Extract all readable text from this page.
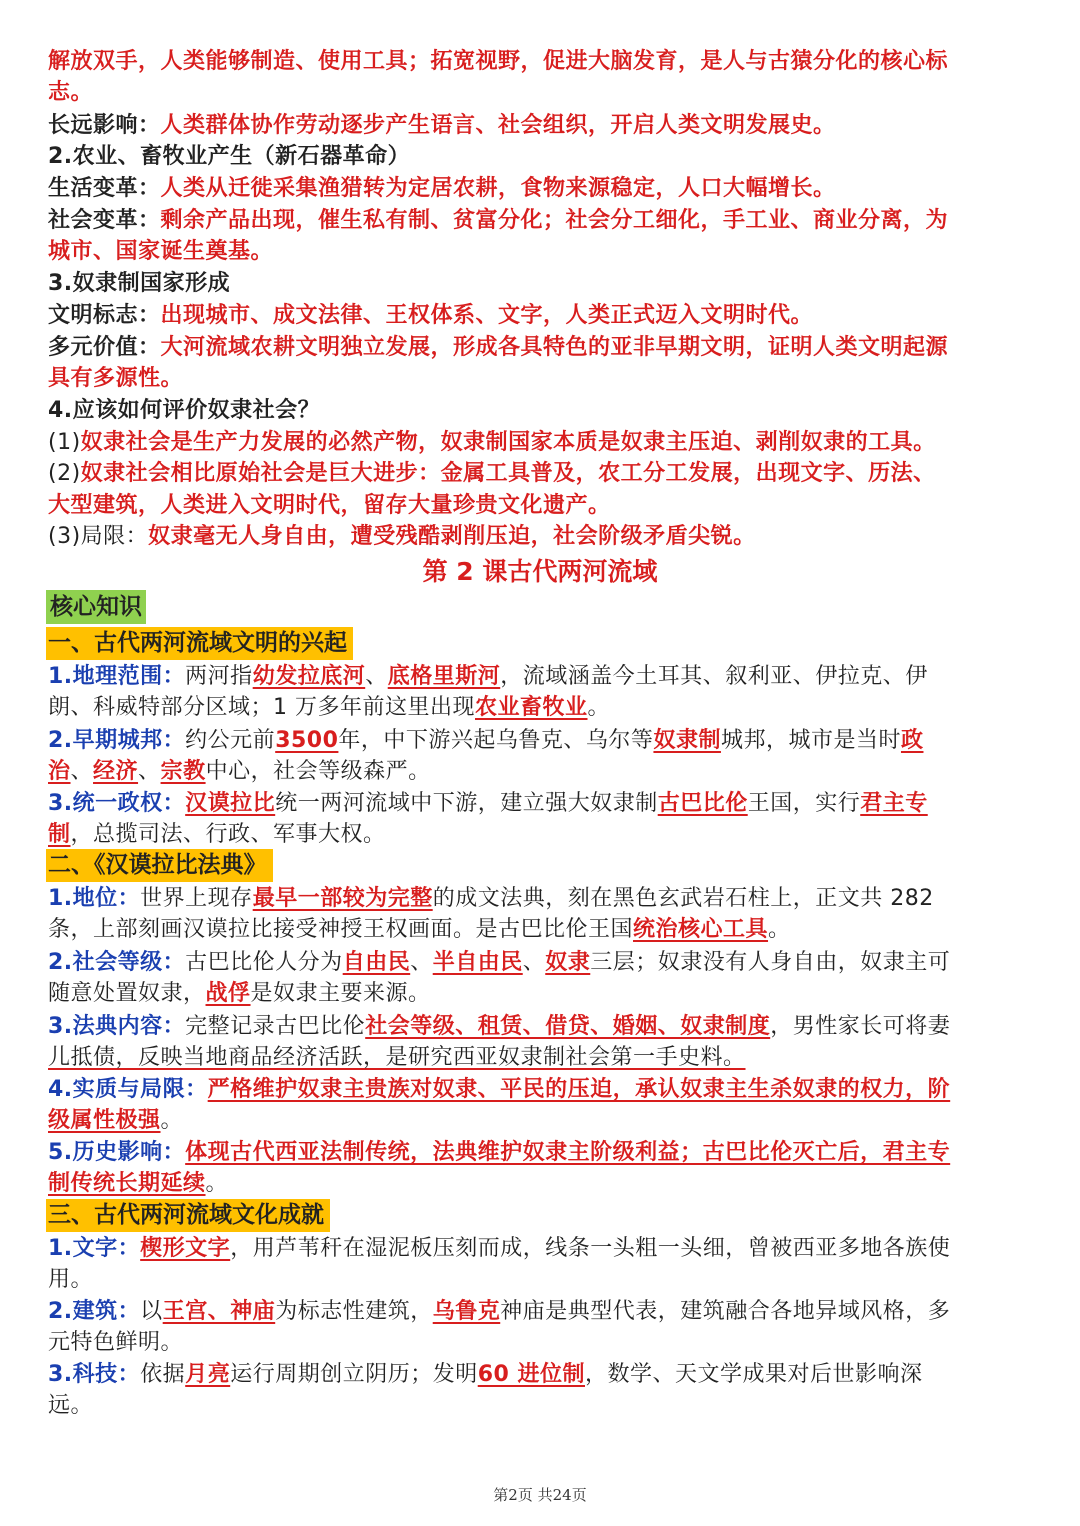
解放双手，人类能够制造、使用工具；拓宽视野，促进大脑发育，是人与古猿分化的核心标
志。
长远影响：人类群体协作劳动逐步产生语言、社会组织，开启人类文明发展史。
2.农业、畜牧业产生（新石器革命）
生活变革：人类从迁徙采集渔猎转为定居农耕，食物来源稳定，人口大幅增长。
社会变革：剩余产品出现，催生私有制、贫富分化；社会分工细化，手工业、商业分离，为
城市、国家诞生奠基。
3.奴隶制国家形成
文明标志：出现城市、成文法律、王权体系、文字，人类正式迈入文明时代。
多元价值：大河流域农耕文明独立发展，形成各具特色的亚非早期文明，证明人类文明起源
具有多源性。
4.应该如何评价奴隶社会？
(1)奴隶社会是生产力发展的必然产物，奴隶制国家本质是奴隶主压迫、剥削奴隶的工具。
(2)奴隶社会相比原始社会是巨大进步：金属工具普及，农工分工发展，出现文字、历法、
大型建筑，人类进入文明时代，留存大量珍贵文化遗产。
(3)局限：奴隶毫无人身自由，遭受残酷剥削压迫，社会阶级矛盾尖锐。
第 2 课古代两河流域
核心知识
一、古代两河流域文明的兴起
1.地理范围：两河指幼发拉底河、底格里斯河，流域涵盖今土耳其、叙利亚、伊拉克、伊
朗、科威特部分区域；1 万多年前这里出现农业畜牧业。
2.早期城邦：约公元前3500年，中下游兴起乌鲁克、乌尔等奴隶制城邦，城市是当时政
治、经济、宗教中心，社会等级森严。
3.统一政权：汉谟拉比统一两河流域中下游，建立强大奴隶制古巴比伦王国，实行君主专
制，总揽司法、行政、军事大权。
二、《汉谟拉比法典》
1.地位：世界上现存最早一部较为完整的成文法典，刻在黑色玄武岩石柱上，正文共 282
条，上部刻画汉谟拉比接受神授王权画面。是古巴比伦王国统治核心工具。
2.社会等级：古巴比伦人分为自由民、半自由民、奴隶三层；奴隶没有人身自由，奴隶主可
随意处置奴隶，战俘是奴隶主要来源。
3.法典内容：完整记录古巴比伦社会等级、租赁、借贷、婚姻、奴隶制度，男性家长可将妻
儿抵债，反映当地商品经济活跃，是研究西亚奴隶制社会第一手史料。
4.实质与局限：严格维护奴隶主贵族对奴隶、平民的压迫，承认奴隶主生杀奴隶的权力，阶
级属性极强。
5.历史影响：体现古代西亚法制传统，法典维护奴隶主阶级利益；古巴比伦灭亡后，君主专
制传统长期延续。
三、古代两河流域文化成就
1.文字：楔形文字，用芦苇秆在湿泥板压刻而成，线条一头粗一头细，曾被西亚多地各族使
用。
2.建筑：以王宫、神庙为标志性建筑，乌鲁克神庙是典型代表，建筑融合各地异域风格，多
元特色鲜明。
3.科技：依据月亮运行周期创立阴历；发明60 进位制，数学、天文学成果对后世影响深
远。
第2页 共24页
